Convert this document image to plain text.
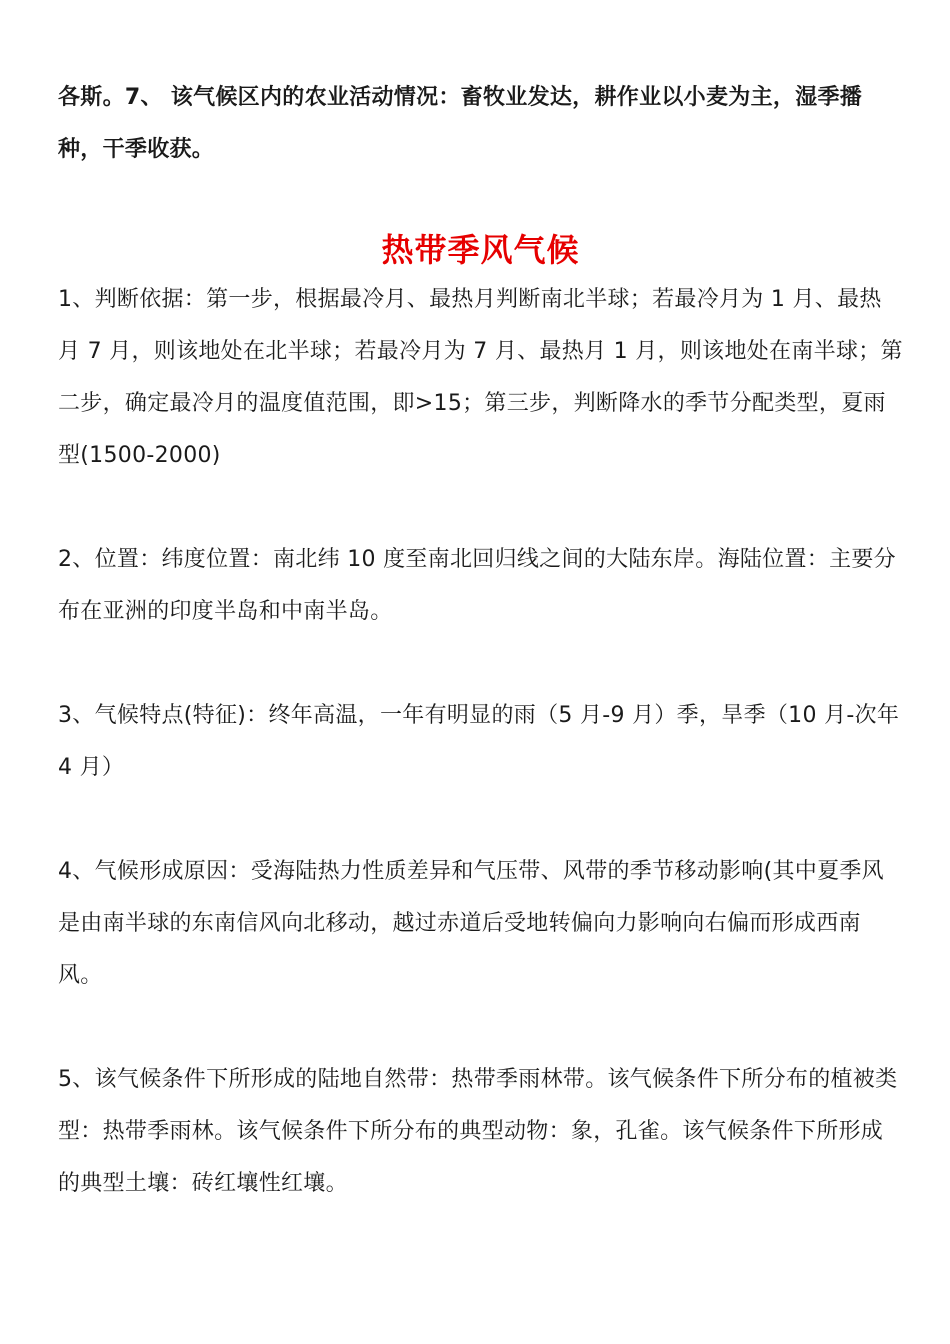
各斯。7、 该气候区内的农业活动情况：畜牧业发达，耕作业以小麦为主，湿季播种，干季收获。

热带季风气候

1、判断依据：第一步，根据最冷月、最热月判断南北半球；若最冷月为 1 月、最热月 7 月，则该地处在北半球；若最冷月为 7 月、最热月 1 月，则该地处在南半球；第二步，确定最冷月的温度值范围，即>15；第三步，判断降水的季节分配类型，夏雨型(1500-2000)

2、位置：纬度位置：南北纬 10 度至南北回归线之间的大陆东岸。海陆位置：主要分布在亚洲的印度半岛和中南半岛。

3、气候特点(特征)：终年高温，一年有明显的雨（5 月-9 月）季，旱季（10 月-次年 4 月）

4、气候形成原因：受海陆热力性质差异和气压带、风带的季节移动影响(其中夏季风是由南半球的东南信风向北移动，越过赤道后受地转偏向力影响向右偏而形成西南风。

5、该气候条件下所形成的陆地自然带：热带季雨林带。该气候条件下所分布的植被类型：热带季雨林。该气候条件下所分布的典型动物：象，孔雀。该气候条件下所形成的典型土壤：砖红壤性红壤。
